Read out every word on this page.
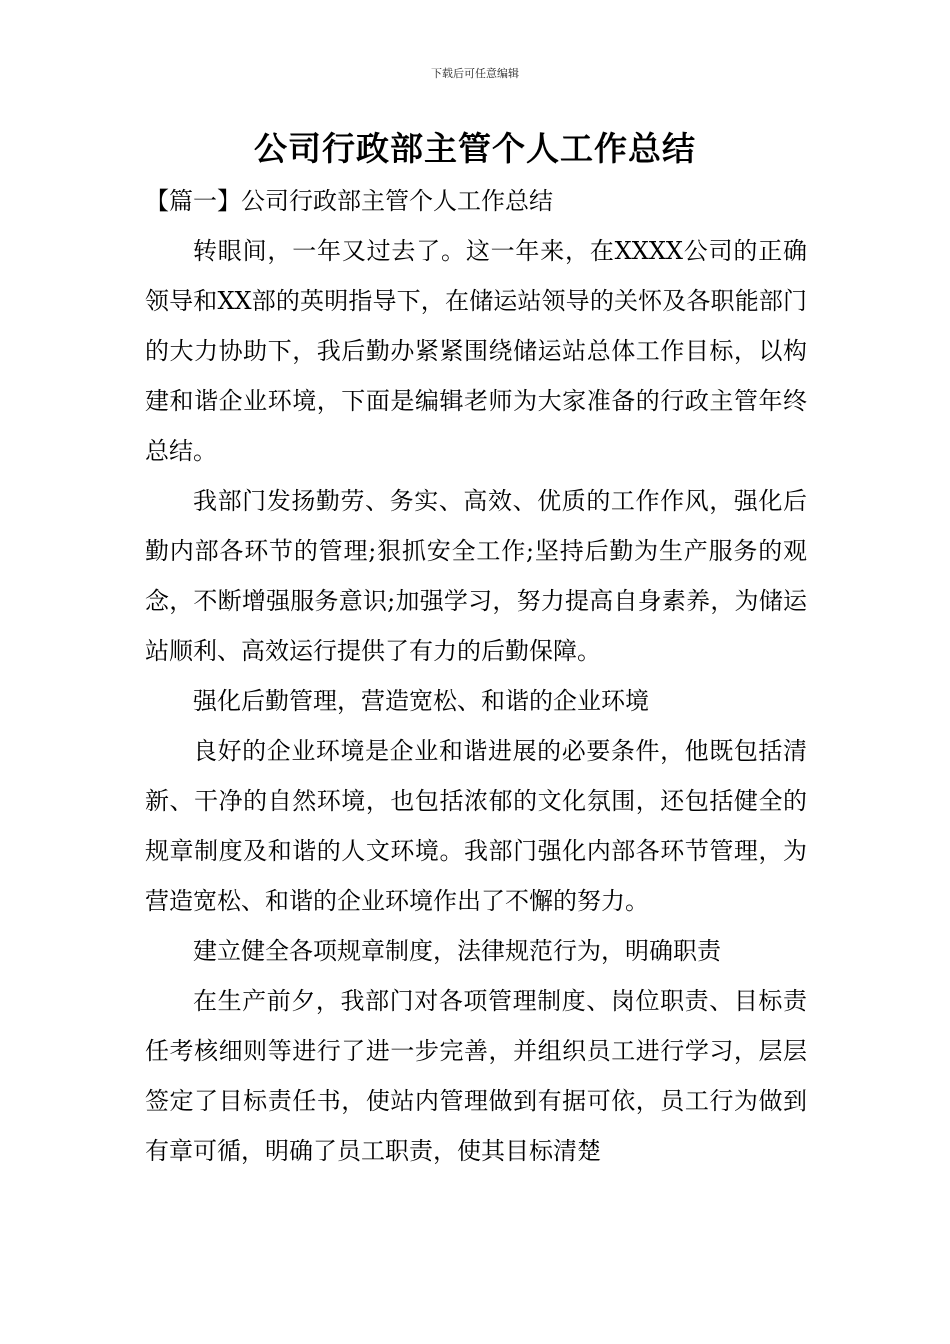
下载后可任意编辑
公司行政部主管个人工作总结

【篇一】公司行政部主管个人工作总结

转眼间，一年又过去了。这一年来，在XXXX公司的正确领导和XX部的英明指导下，在储运站领导的关怀及各职能部门的大力协助下，我后勤办紧紧围绕储运站总体工作目标，以构建和谐企业环境，下面是编辑老师为大家准备的行政主管年终总结。

我部门发扬勤劳、务实、高效、优质的工作作风，强化后勤内部各环节的管理;狠抓安全工作;坚持后勤为生产服务的观念，不断增强服务意识;加强学习，努力提高自身素养，为储运站顺利、高效运行提供了有力的后勤保障。

强化后勤管理，营造宽松、和谐的企业环境

良好的企业环境是企业和谐进展的必要条件，他既包括清新、干净的自然环境，也包括浓郁的文化氛围，还包括健全的规章制度及和谐的人文环境。我部门强化内部各环节管理，为营造宽松、和谐的企业环境作出了不懈的努力。

建立健全各项规章制度，法律规范行为，明确职责

在生产前夕，我部门对各项管理制度、岗位职责、目标责任考核细则等进行了进一步完善，并组织员工进行学习，层层签定了目标责任书，使站内管理做到有据可依，员工行为做到有章可循，明确了员工职责，使其目标清楚
